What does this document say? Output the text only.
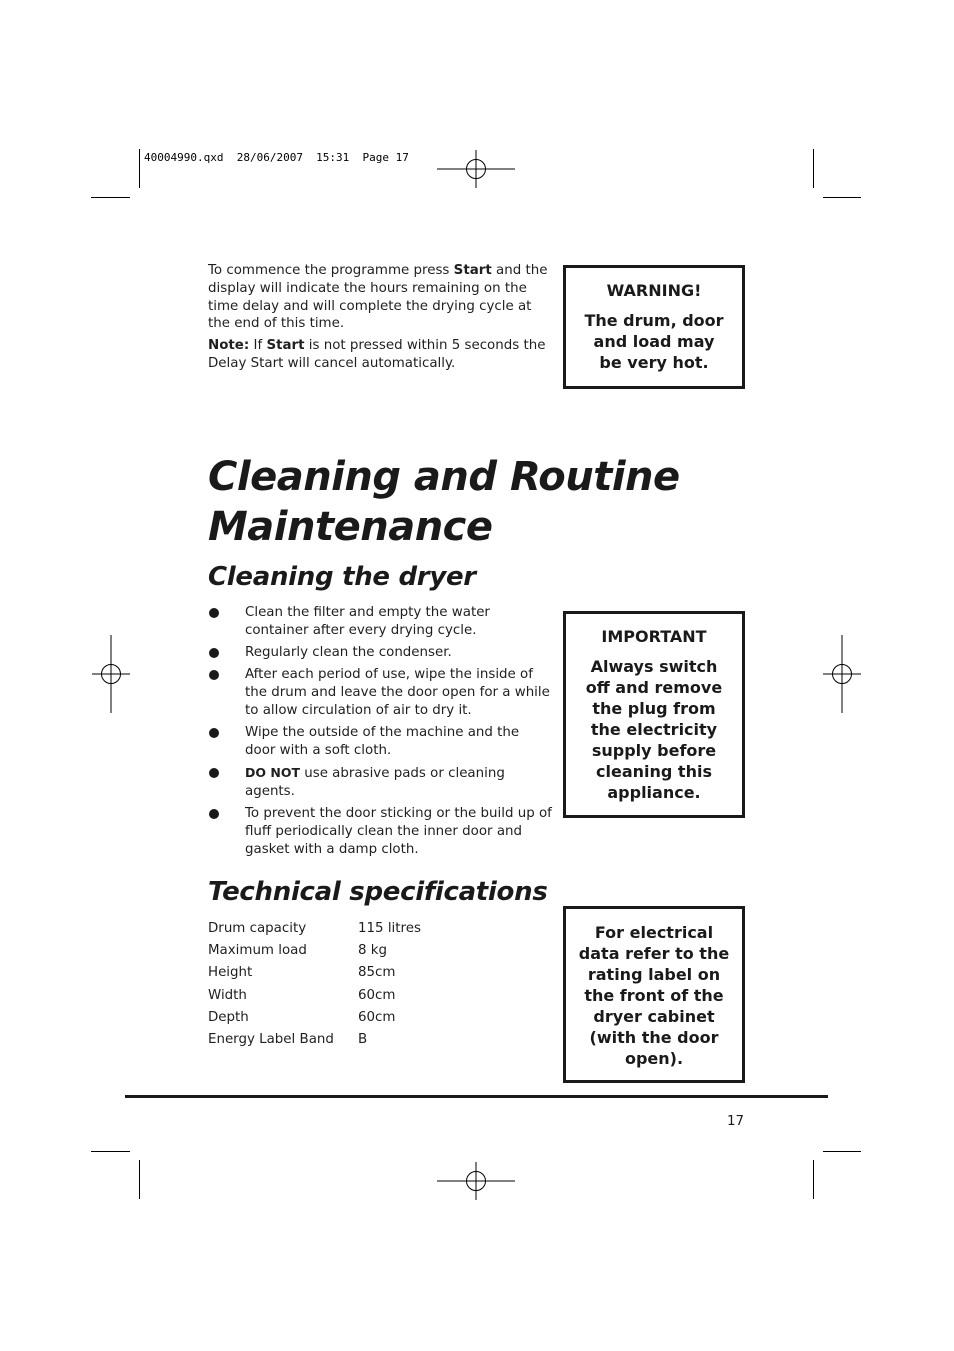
40004990.qxd  28/06/2007  15:31  Page 17

To commence the programme press Start and the display will indicate the hours remaining on the time delay and will complete the drying cycle at the end of this time.

Note: If Start is not pressed within 5 seconds the Delay Start will cancel automatically.

WARNING!
The drum, door and load may be very hot.
Cleaning and Routine Maintenance
Cleaning the dryer
Clean the filter and empty the water container after every drying cycle.
Regularly clean the condenser.
After each period of use, wipe the inside of the drum and leave the door open for a while to allow circulation of air to dry it.
Wipe the outside of the machine and the door with a soft cloth.
DO NOT use abrasive pads or cleaning agents.
To prevent the door sticking or the build up of fluff periodically clean the inner door and gasket with a damp cloth.
IMPORTANT
Always switch off and remove the plug from the electricity supply before cleaning this appliance.
Technical specifications
Drum capacity	115 litres
Maximum load	8 kg
Height	85cm
Width	60cm
Depth	60cm
Energy Label Band	B
For electrical data refer to the rating label on the front of the dryer cabinet (with the door open).
17
